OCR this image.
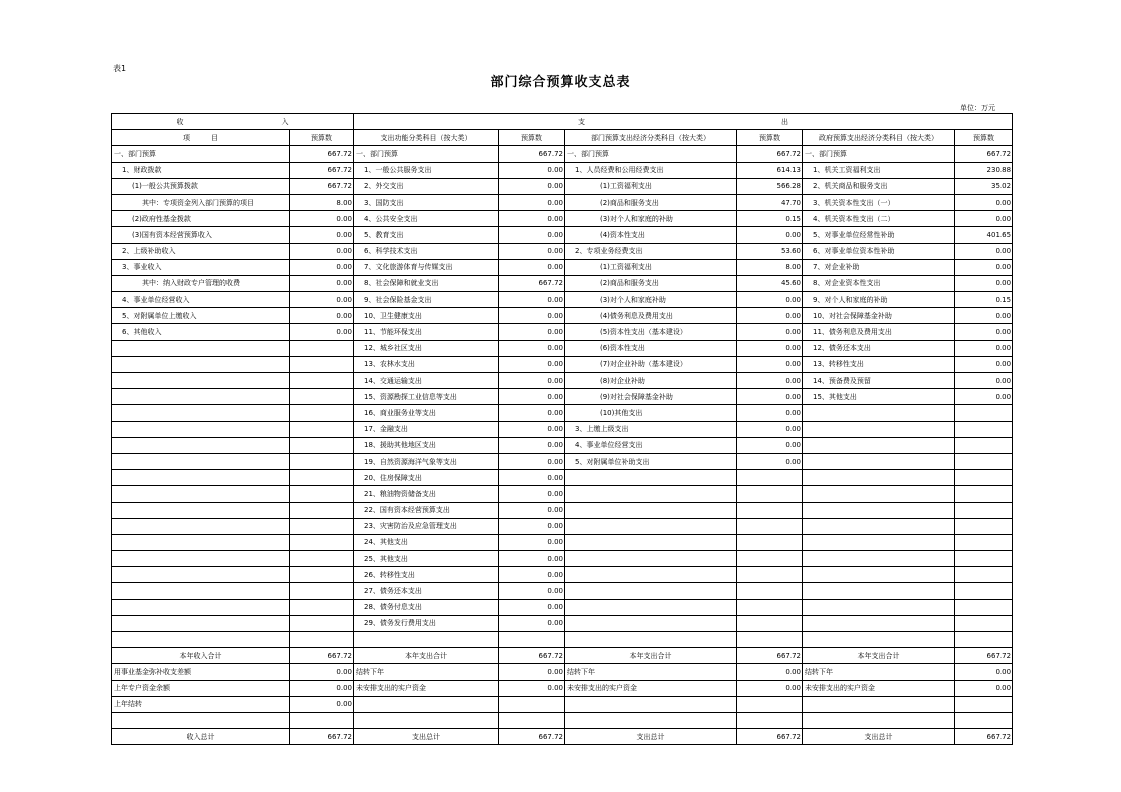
表1
部门综合预算收支总表
单位：万元
收　　　　　　　　　　　　　　入		支　　　　　　　　　　　　　　　　　　　　　　　　　　　　出					
项　　　目	预算数	支出功能分类科目（按大类）	预算数	部门预算支出经济分类科目（按大类）	预算数	政府预算支出经济分类科目（按大类）	预算数
一、部门预算	667.72	一、部门预算	667.72	一、部门预算	667.72	一、部门预算	667.72
1、财政拨款	667.72	1、一般公共服务支出	0.00	1、人员经费和公用经费支出	614.13	1、机关工资福利支出	230.88
(1)一般公共预算拨款	667.72	2、外交支出	0.00	(1)工资福利支出	566.28	2、机关商品和服务支出	35.02
其中：专项资金列入部门预算的项目	8.00	3、国防支出	0.00	(2)商品和服务支出	47.70	3、机关资本性支出（一）	0.00
(2)政府性基金拨款	0.00	4、公共安全支出	0.00	(3)对个人和家庭的补助	0.15	4、机关资本性支出（二）	0.00
(3)国有资本经营预算收入	0.00	5、教育支出	0.00	(4)资本性支出	0.00	5、对事业单位经常性补助	401.65
2、上级补助收入	0.00	6、科学技术支出	0.00	2、专项业务经费支出	53.60	6、对事业单位资本性补助	0.00
3、事业收入	0.00	7、文化旅游体育与传媒支出	0.00	(1)工资福利支出	8.00	7、对企业补助	0.00
其中：纳入财政专户管理的收费	0.00	8、社会保障和就业支出	667.72	(2)商品和服务支出	45.60	8、对企业资本性支出	0.00
4、事业单位经营收入	0.00	9、社会保险基金支出	0.00	(3)对个人和家庭补助	0.00	9、对个人和家庭的补助	0.15
5、对附属单位上缴收入	0.00	10、卫生健康支出	0.00	(4)债务利息及费用支出	0.00	10、对社会保障基金补助	0.00
6、其他收入	0.00	11、节能环保支出	0.00	(5)资本性支出（基本建设）	0.00	11、债务利息及费用支出	0.00
		12、城乡社区支出	0.00	(6)资本性支出	0.00	12、债务还本支出	0.00
		13、农林水支出	0.00	(7)对企业补助（基本建设）	0.00	13、转移性支出	0.00
		14、交通运输支出	0.00	(8)对企业补助	0.00	14、预备费及预留	0.00
		15、资源勘探工业信息等支出	0.00	(9)对社会保障基金补助	0.00	15、其他支出	0.00
		16、商业服务业等支出	0.00	(10)其他支出	0.00		
		17、金融支出	0.00	3、上缴上级支出	0.00		
		18、援助其他地区支出	0.00	4、事业单位经营支出	0.00		
		19、自然资源海洋气象等支出	0.00	5、对附属单位补助支出	0.00		
		20、住房保障支出	0.00				
		21、粮油物资储备支出	0.00				
		22、国有资本经营预算支出	0.00				
		23、灾害防治及应急管理支出	0.00				
		24、其他支出	0.00				
		25、其他支出	0.00				
		26、转移性支出	0.00				
		27、债务还本支出	0.00				
		28、债务付息支出	0.00				
		29、债务发行费用支出	0.00				

本年收入合计	667.72	本年支出合计	667.72	本年支出合计	667.72	本年支出合计	667.72
用事业基金弥补收支差额	0.00	结转下年	0.00	结转下年	0.00	结转下年	0.00
上年专户资金余额	0.00	未安排支出的实户资金	0.00	未安排支出的实户资金	0.00	未安排支出的实户资金	0.00
上年结转	0.00						

收入总计	667.72	支出总计	667.72	支出总计	667.72	支出总计	667.72
